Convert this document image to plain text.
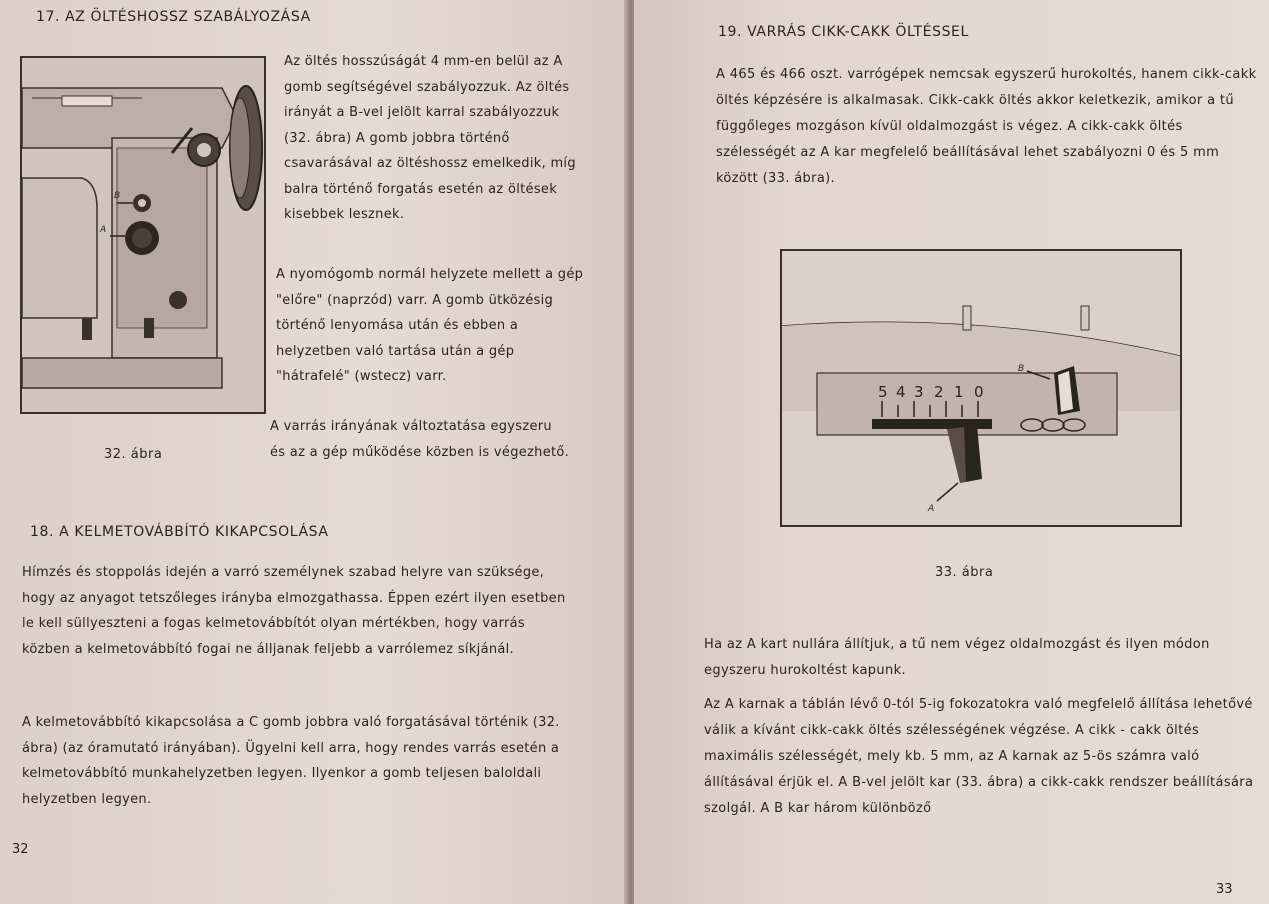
17. AZ ÖLTÉSHOSSZ SZABÁLYOZÁSA
B
A
32. ábra

Az öltés hosszúságát 4 mm-en belül az A gomb segítségével szabályozzuk. Az öltés irányát a B-vel jelölt karral szabályozzuk (32. ábra) A gomb jobbra történő csavarásával az öltéshossz emelkedik, míg balra történő forgatás esetén az öltések kisebbek lesznek.

A nyomógomb normál helyzete mellett a gép "előre" (naprzód) varr. A gomb ütközésig történő lenyomása után és ebben a helyzetben való tartása után a gép "hátrafelé" (wstecz) varr.

A varrás irányának változtatása egyszeru és az a gép működése közben is végezhető.

18. A KELMETOVÁBBÍTÓ KIKAPCSOLÁSA

Hímzés és stoppolás idején a varró személynek szabad helyre van szüksége, hogy az anyagot tetszőleges irányba elmozgathassa. Éppen ezért ilyen esetben le kell süllyeszteni a fogas kelmetovábbítót olyan mértékben, hogy varrás közben a kelmetovábbító fogai ne álljanak feljebb a varrólemez síkjánál.

A kelmetovábbító kikapcsolása a C gomb jobbra való forgatásával történik (32. ábra) (az óramutató irányában). Ügyelni kell arra, hogy rendes varrás esetén a kelmetovábbító munkahelyzetben legyen. Ilyenkor a gomb teljesen baloldali helyzetben legyen.

32
19. VARRÁS CIKK-CAKK ÖLTÉSSEL

A 465 és 466 oszt. varrógépek nemcsak egyszerű hurokoltés, hanem cikk-cakk öltés képzésére is alkalmasak. Cikk-cakk öltés akkor keletkezik, amikor a tű függőleges mozgáson kívül oldalmozgást is végez. A cikk-cakk öltés szélességét az A kar megfelelő beállításával lehet szabályozni 0 és 5 mm között (33. ábra).

5 4 3 2 1 0
B
A
33. ábra

Ha az A kart nullára állítjuk, a tű nem végez oldalmozgást és ilyen módon egyszeru hurokoltést kapunk.

Az A karnak a táblán lévő 0-tól 5-ig fokozatokra való megfelelő állítása lehetővé válik a kívánt cikk-cakk öltés szélességének végzése. A cikk - cakk öltés maximális szélességét, mely kb. 5 mm, az A karnak az 5-ös számra való állításával érjük el. A B-vel jelölt kar (33. ábra) a cikk-cakk rendszer beállítására szolgál. A B kar három különböző

33
